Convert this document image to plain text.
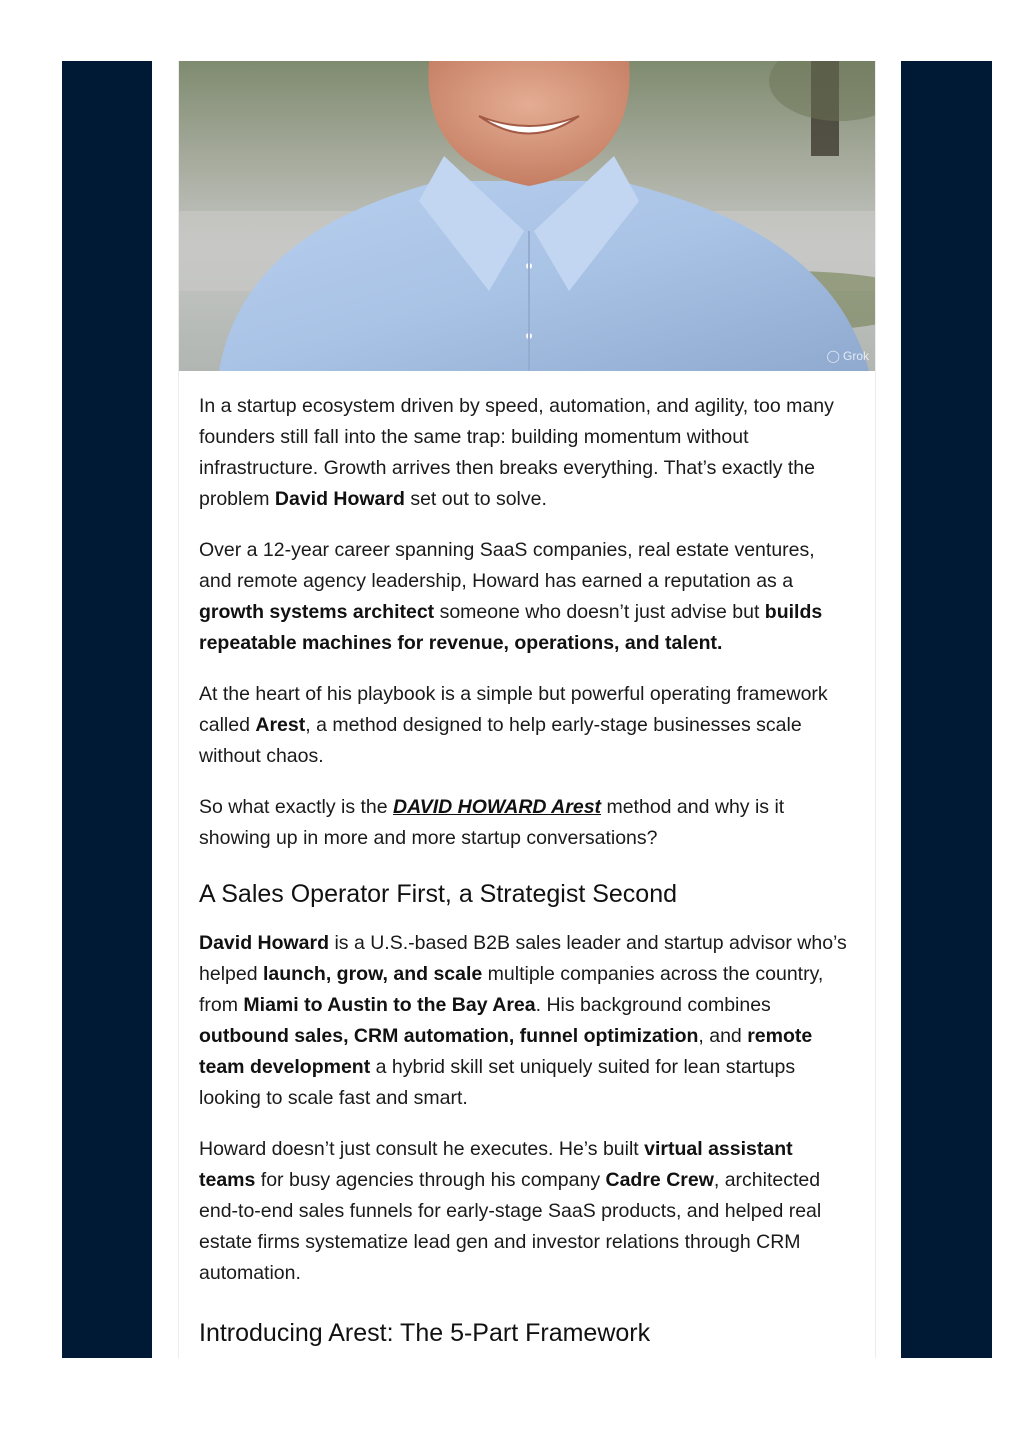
◯ Grok

In a startup ecosystem driven by speed, automation, and agility, too many founders still fall into the same trap: building momentum without infrastructure. Growth arrives then breaks everything. That’s exactly the problem David Howard set out to solve.

Over a 12-year career spanning SaaS companies, real estate ventures, and remote agency leadership, Howard has earned a reputation as a growth systems architect someone who doesn’t just advise but builds repeatable machines for revenue, operations, and talent.

At the heart of his playbook is a simple but powerful operating framework called Arest, a method designed to help early-stage businesses scale without chaos.

So what exactly is the DAVID HOWARD Arest method and why is it showing up in more and more startup conversations?

A Sales Operator First, a Strategist Second

David Howard is a U.S.-based B2B sales leader and startup advisor who’s helped launch, grow, and scale multiple companies across the country, from Miami to Austin to the Bay Area. His background combines outbound sales, CRM automation, funnel optimization, and remote team development a hybrid skill set uniquely suited for lean startups looking to scale fast and smart.

Howard doesn’t just consult he executes. He’s built virtual assistant teams for busy agencies through his company Cadre Crew, architected end-to-end sales funnels for early-stage SaaS products, and helped real estate firms systematize lead gen and investor relations through CRM automation.

Introducing Arest: The 5-Part Framework
